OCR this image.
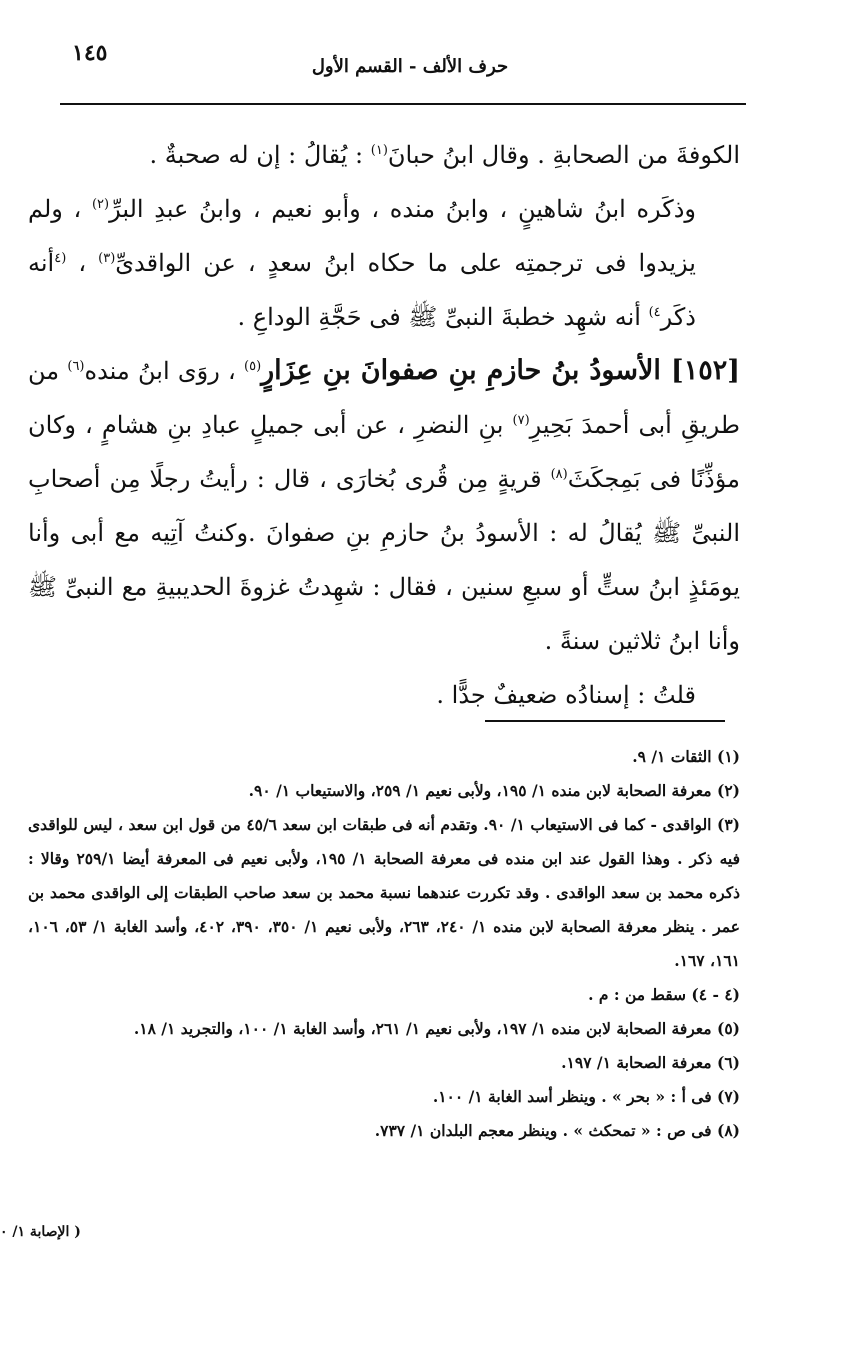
١٤٥
حرف الألف - القسم الأول

الكوفةَ من الصحابةِ . وقال ابنُ حبانَ$^{(١)}$ : يُقالُ : إن له صحبةٌ .

وذكَره ابنُ شاهينٍ ، وابنُ منده ، وأبو نعيم ، وابنُ عبدِ البرِّ$^{(٢)}$ ، ولم يزيدوا فى ترجمتِه على ما حكاه ابنُ سعدٍ ، عن الواقدىِّ$^{(٣)}$ ، $^{(٤}$أنه ذكَر$^{٤)}$ أنه شهِد خطبةَ النبىِّ ﷺ فى حَجَّةِ الوداعِ .

[١٥٢] الأسودُ بنُ حازمِ بنِ صفوانَ بنِ عِزَارٍ$^{(٥)}$ ، روَى ابنُ منده$^{(٦)}$ من طريقِ أبى أحمدَ بَحِيرِ$^{(٧)}$ بنِ النضرِ ، عن أبى جميلٍ عبادِ بنِ هشامٍ ، وكان مؤذِّنًا فى بَمِجكَثَ$^{(٨)}$ قريةٍ مِن قُرى بُخارَى ، قال : رأيتُ رجلًا مِن أصحابِ النبىِّ ﷺ يُقالُ له : الأسودُ بنُ حازمِ بنِ صفوانَ .وكنتُ آتِيه مع أبى وأنا يومَئذٍ ابنُ ستٍّ أو سبعِ سنين ، فقال : شهِدتُ غزوةَ الحديبيةِ مع النبىِّ ﷺ وأنا ابنُ ثلاثين سنةً .

قلتُ : إسنادُه ضعيفٌ جدًّا .

(١) الثقات ١/ ٩.

(٢) معرفة الصحابة لابن منده ١/ ١٩٥، ولأبى نعيم ١/ ٢٥٩، والاستيعاب ١/ ٩٠.

(٣) الواقدى - كما فى الاستيعاب ١/ ٩٠. وتقدم أنه فى طبقات ابن سعد ٤٥/٦ من قول ابن سعد ، ليس للواقدى فيه ذكر . وهذا القول عند ابن منده فى معرفة الصحابة ١/ ١٩٥، ولأبى نعيم فى المعرفة أيضا ٢٥٩/١ وقالا : ذكره محمد بن سعد الواقدى . وقد تكررت عندهما نسبة محمد بن سعد صاحب الطبقات إلى الواقدى محمد بن عمر . ينظر معرفة الصحابة لابن منده ١/ ٢٤٠، ٢٦٣، ولأبى نعيم ١/ ٣٥٠، ٣٩٠، ٤٠٢، وأسد الغابة ١/ ٥٣، ١٠٦، ١٦١، ١٦٧.

(٤ - ٤) سقط من : م .

(٥) معرفة الصحابة لابن منده ١/ ١٩٧، ولأبى نعيم ١/ ٢٦١، وأسد الغابة ١/ ١٠٠، والتجريد ١/ ١٨.

(٦) معرفة الصحابة ١/ ١٩٧.

(٧) فى أ : « بحر » . وينظر أسد الغابة ١/ ١٠٠.

(٨) فى ص : « تمحكث » . وينظر معجم البلدان ١/ ٧٣٧.

( الإصابة ١/ ٠
